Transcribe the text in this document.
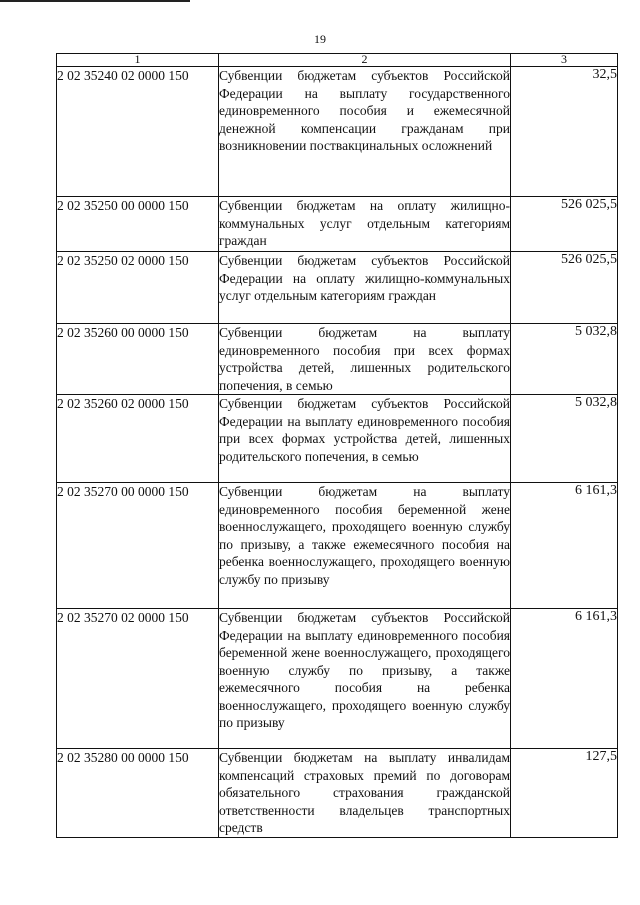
19
1	2	3
2 02 35240 02 0000 150	Субвенции бюджетам субъектов Российской Федерации на выплату государственного единовременного пособия и ежемесячной денежной компенсации гражданам при возникновении поствакцинальных осложнений	32,5
2 02 35250 00 0000 150	Субвенции бюджетам на оплату жилищно-коммунальных услуг отдельным категориям граждан	526 025,5
2 02 35250 02 0000 150	Субвенции бюджетам субъектов Российской Федерации на оплату жилищно-коммунальных услуг отдельным категориям граждан	526 025,5
2 02 35260 00 0000 150	Субвенции бюджетам на выплату единовременного пособия при всех формах устройства детей, лишенных родительского попечения, в семью	5 032,8
2 02 35260 02 0000 150	Субвенции бюджетам субъектов Российской Федерации на выплату единовременного пособия при всех формах устройства детей, лишенных родительского попечения, в семью	5 032,8
2 02 35270 00 0000 150	Субвенции бюджетам на выплату единовременного пособия беременной жене военнослужащего, проходящего военную службу по призыву, а также ежемесячного пособия на ребенка военнослужащего, проходящего военную службу по призыву	6 161,3
2 02 35270 02 0000 150	Субвенции бюджетам субъектов Российской Федерации на выплату единовременного пособия беременной жене военнослужащего, проходящего военную службу по призыву, а также ежемесячного пособия на ребенка военнослужащего, проходящего военную службу по призыву	6 161,3
2 02 35280 00 0000 150	Субвенции бюджетам на выплату инвалидам компенсаций страховых премий по договорам обязательного страхования гражданской ответственности владельцев транспортных средств	127,5
